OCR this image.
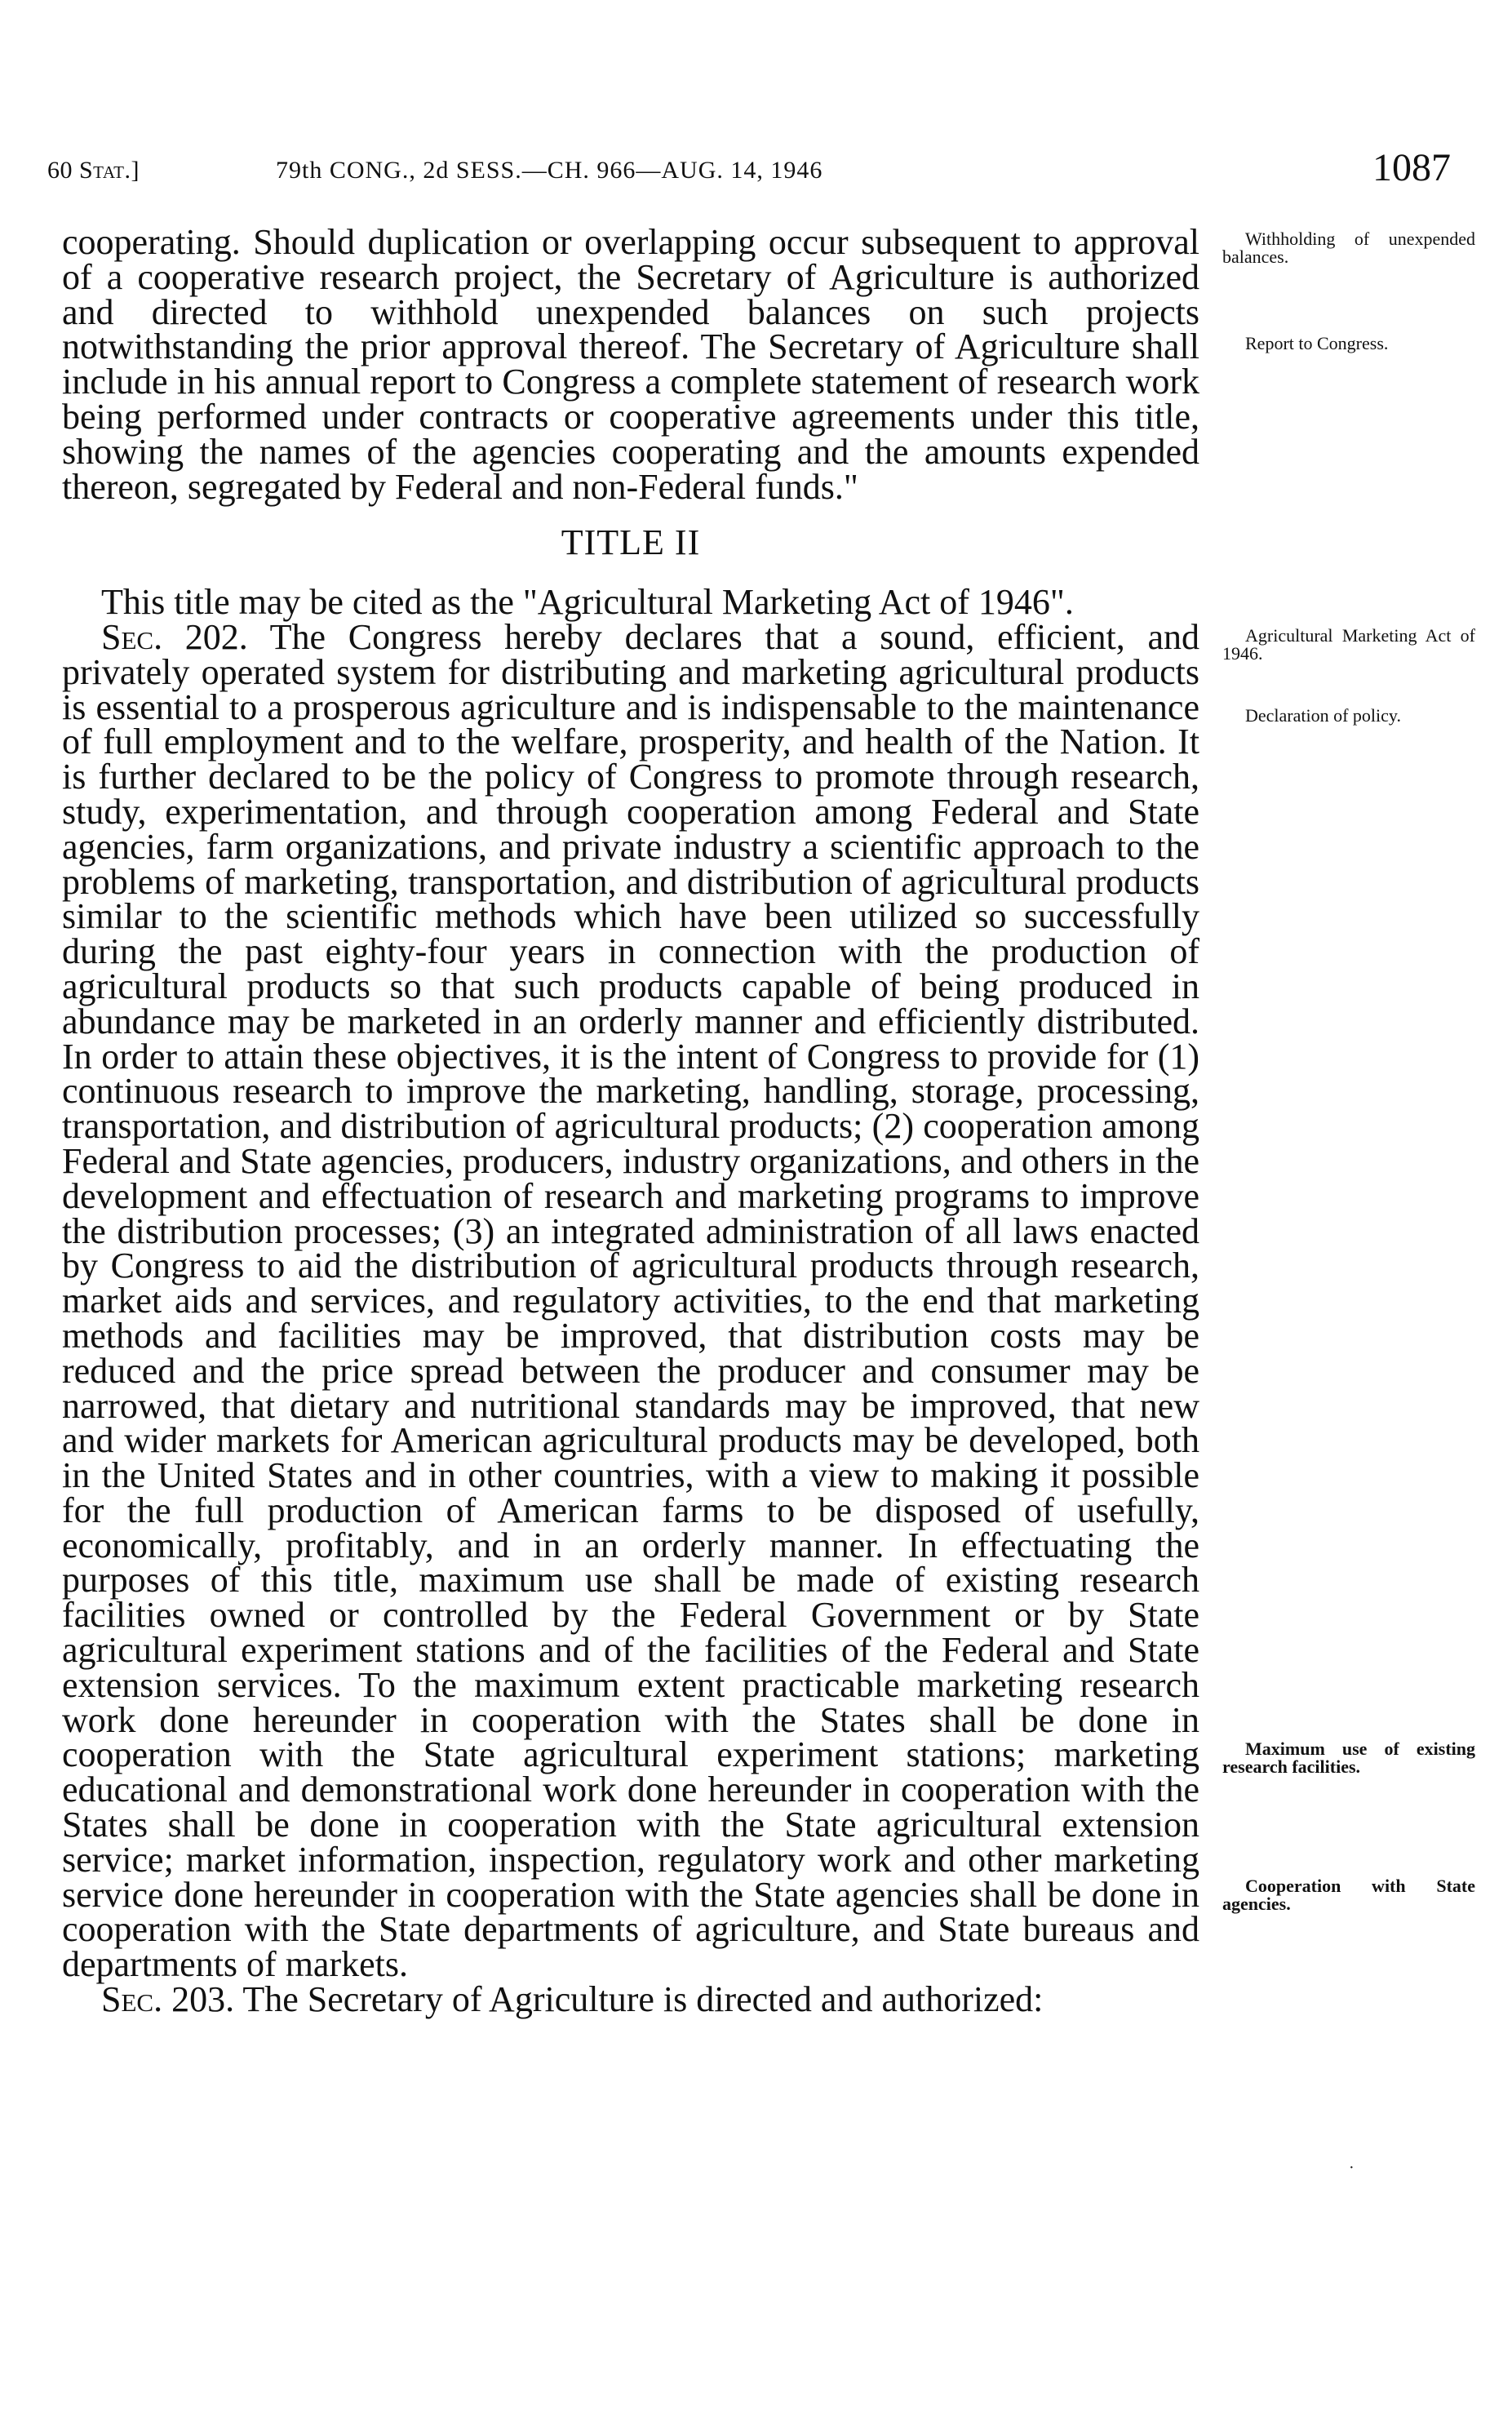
60 Stat.]	79th CONG., 2d SESS.—CH. 966—AUG. 14, 1946	1087

cooperating. Should duplication or overlapping occur subsequent to approval of a cooperative research project, the Secretary of Agriculture is authorized and directed to withhold unexpended balances on such projects notwithstanding the prior approval thereof. The Secretary of Agriculture shall include in his annual report to Congress a complete statement of research work being performed under contracts or cooperative agreements under this title, showing the names of the agencies cooperating and the amounts expended thereon, segregated by Federal and non-Federal funds."

TITLE II

This title may be cited as the "Agricultural Marketing Act of 1946".

Sec. 202. The Congress hereby declares that a sound, efficient, and privately operated system for distributing and marketing agricultural products is essential to a prosperous agriculture and is indispensable to the maintenance of full employment and to the welfare, prosperity, and health of the Nation. It is further declared to be the policy of Congress to promote through research, study, experimentation, and through cooperation among Federal and State agencies, farm organizations, and private industry a scientific approach to the problems of marketing, transportation, and distribution of agricultural products similar to the scientific methods which have been utilized so successfully during the past eighty-four years in connection with the production of agricultural products so that such products capable of being produced in abundance may be marketed in an orderly manner and efficiently distributed. In order to attain these objectives, it is the intent of Congress to provide for (1) continuous research to improve the marketing, handling, storage, processing, transportation, and distribution of agricultural products; (2) cooperation among Federal and State agencies, producers, industry organizations, and others in the development and effectuation of research and marketing programs to improve the distribution processes; (3) an integrated administration of all laws enacted by Congress to aid the distribution of agricultural products through research, market aids and services, and regulatory activities, to the end that marketing methods and facilities may be improved, that distribution costs may be reduced and the price spread between the producer and consumer may be narrowed, that dietary and nutritional standards may be improved, that new and wider markets for American agricultural products may be developed, both in the United States and in other countries, with a view to making it possible for the full production of American farms to be disposed of usefully, economically, profitably, and in an orderly manner. In effectuating the purposes of this title, maximum use shall be made of existing research facilities owned or controlled by the Federal Government or by State agricultural experiment stations and of the facilities of the Federal and State extension services. To the maximum extent practicable marketing research work done hereunder in cooperation with the States shall be done in cooperation with the State agricultural experiment stations; marketing educational and demonstrational work done hereunder in cooperation with the States shall be done in cooperation with the State agricultural extension service; market information, inspection, regulatory work and other marketing service done hereunder in cooperation with the State agencies shall be done in cooperation with the State departments of agriculture, and State bureaus and departments of markets.

Sec. 203. The Secretary of Agriculture is directed and authorized:

Withholding of unexpended balances.
Report to Congress.
Agricultural Marketing Act of 1946.
Declaration of policy.
Maximum use of existing research facilities.
Cooperation with State agencies.
·
